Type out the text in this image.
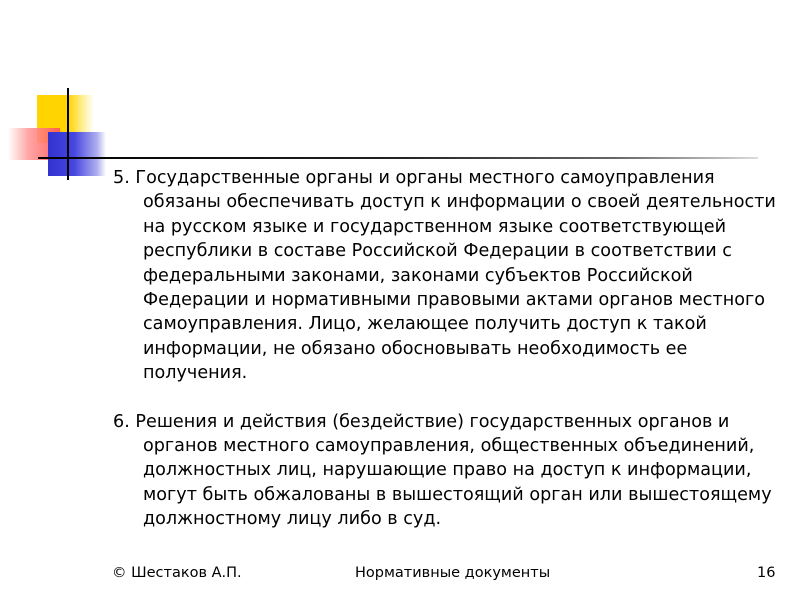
5. Государственные органы и органы местного самоуправления обязаны обеспечивать доступ к информации о своей деятельности на русском языке и государственном языке соответствующей республики в составе Российской Федерации в соответствии с федеральными законами, законами субъектов Российской Федерации и нормативными правовыми актами органов местного самоуправления. Лицо, желающее получить доступ к такой информации, не обязано обосновывать необходимость ее получения.

6. Решения и действия (бездействие) государственных органов и органов местного самоуправления, общественных объединений, должностных лиц, нарушающие право на доступ к информации, могут быть обжалованы в вышестоящий орган или вышестоящему должностному лицу либо в суд.

© Шестаков А.П.	Нормативные документы	16
